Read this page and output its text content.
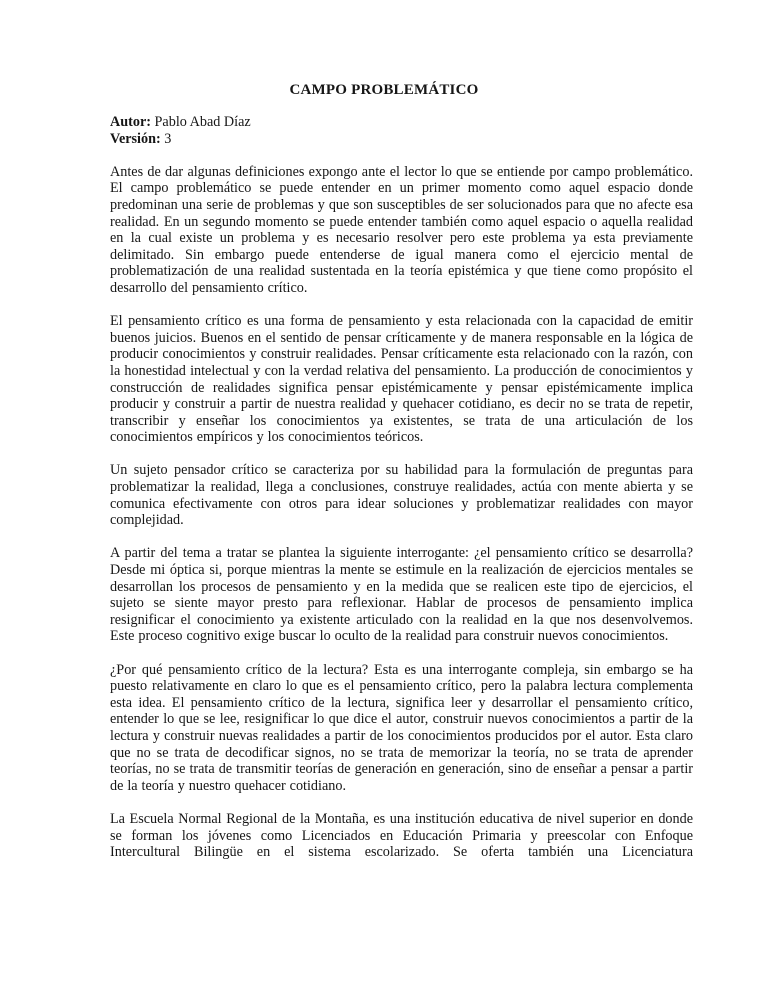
CAMPO PROBLEMÁTICO
Autor: Pablo Abad Díaz
Versión: 3

Antes de dar algunas definiciones expongo ante el lector lo que se entiende por campo problemático. El campo problemático se puede entender en un primer momento como aquel espacio donde predominan una serie de problemas y que son susceptibles de ser solucionados para que no afecte esa realidad. En un segundo momento se puede entender también como aquel espacio o aquella realidad en la cual existe un problema y es necesario resolver pero este problema ya esta previamente delimitado. Sin embargo puede entenderse de igual manera como el ejercicio mental de problematización de una realidad sustentada en la teoría epistémica y que tiene como propósito el desarrollo del pensamiento crítico.

El pensamiento crítico es una forma de pensamiento y esta relacionada con la capacidad de emitir buenos juicios. Buenos en el sentido de pensar críticamente y de manera responsable en la lógica de producir conocimientos y construir realidades. Pensar críticamente esta relacionado con la razón, con la honestidad intelectual y con la verdad relativa del pensamiento. La producción de conocimientos y construcción de realidades significa pensar epistémicamente y pensar epistémicamente implica producir y construir a partir de nuestra realidad y quehacer cotidiano, es decir no se trata de repetir, transcribir y enseñar los conocimientos ya existentes, se trata de una articulación de los conocimientos empíricos y los conocimientos teóricos.

Un sujeto pensador crítico se caracteriza por su habilidad para la formulación de preguntas para problematizar la realidad, llega a conclusiones, construye realidades, actúa con mente abierta y se comunica efectivamente con otros para idear soluciones y problematizar realidades con mayor complejidad.

A partir del tema a tratar se plantea la siguiente interrogante: ¿el pensamiento crítico se desarrolla? Desde mi óptica si, porque mientras la mente se estimule en la realización de ejercicios mentales se desarrollan los procesos de pensamiento y en la medida que se realicen este tipo de ejercicios, el sujeto se siente mayor presto para reflexionar. Hablar de procesos de pensamiento implica resignificar el conocimiento ya existente articulado con la realidad en la que nos desenvolvemos. Este proceso cognitivo exige buscar lo oculto de la realidad para construir nuevos conocimientos.

¿Por qué pensamiento crítico de la lectura? Esta es una interrogante compleja, sin embargo se ha puesto relativamente en claro lo que es el pensamiento crítico, pero la palabra lectura complementa esta idea. El pensamiento crítico de la lectura, significa leer y desarrollar el pensamiento crítico, entender lo que se lee, resignificar lo que dice el autor, construir nuevos conocimientos a partir de la lectura y construir nuevas realidades a partir de los conocimientos producidos por el autor. Esta claro que no se trata de decodificar signos, no se trata de memorizar la teoría, no se trata de aprender teorías, no se trata de transmitir teorías de generación en generación, sino de enseñar a pensar a partir de la teoría y nuestro quehacer cotidiano.

La Escuela Normal Regional de la Montaña, es una institución educativa de nivel superior en donde se forman los jóvenes como Licenciados en Educación Primaria y preescolar con Enfoque Intercultural Bilingüe en el sistema escolarizado. Se oferta también una Licenciatura
